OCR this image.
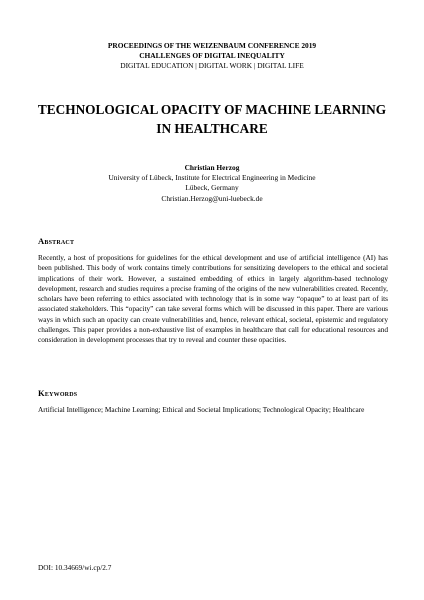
PROCEEDINGS OF THE WEIZENBAUM CONFERENCE 2019
CHALLENGES OF DIGITAL INEQUALITY
DIGITAL EDUCATION | DIGITAL WORK | DIGITAL LIFE
TECHNOLOGICAL OPACITY OF MACHINE LEARNING IN HEALTHCARE
Christian Herzog
University of Lübeck, Institute for Electrical Engineering in Medicine
Lübeck, Germany
Christian.Herzog@uni-luebeck.de
Abstract
Recently, a host of propositions for guidelines for the ethical development and use of artificial intelligence (AI) has been published. This body of work contains timely contributions for sensitizing developers to the ethical and societal implications of their work. However, a sustained embedding of ethics in largely algorithm-based technology development, research and studies requires a precise framing of the origins of the new vulnerabilities created. Recently, scholars have been referring to ethics associated with technology that is in some way “opaque” to at least part of its associated stakeholders. This “opacity” can take several forms which will be discussed in this paper. There are various ways in which such an opacity can create vulnerabilities and, hence, relevant ethical, societal, epistemic and regulatory challenges. This paper provides a non-exhaustive list of examples in healthcare that call for educational resources and consideration in development processes that try to reveal and counter these opacities.
Keywords
Artificial Intelligence; Machine Learning; Ethical and Societal Implications; Technological Opacity; Healthcare
DOI: 10.34669/wi.cp/2.7
